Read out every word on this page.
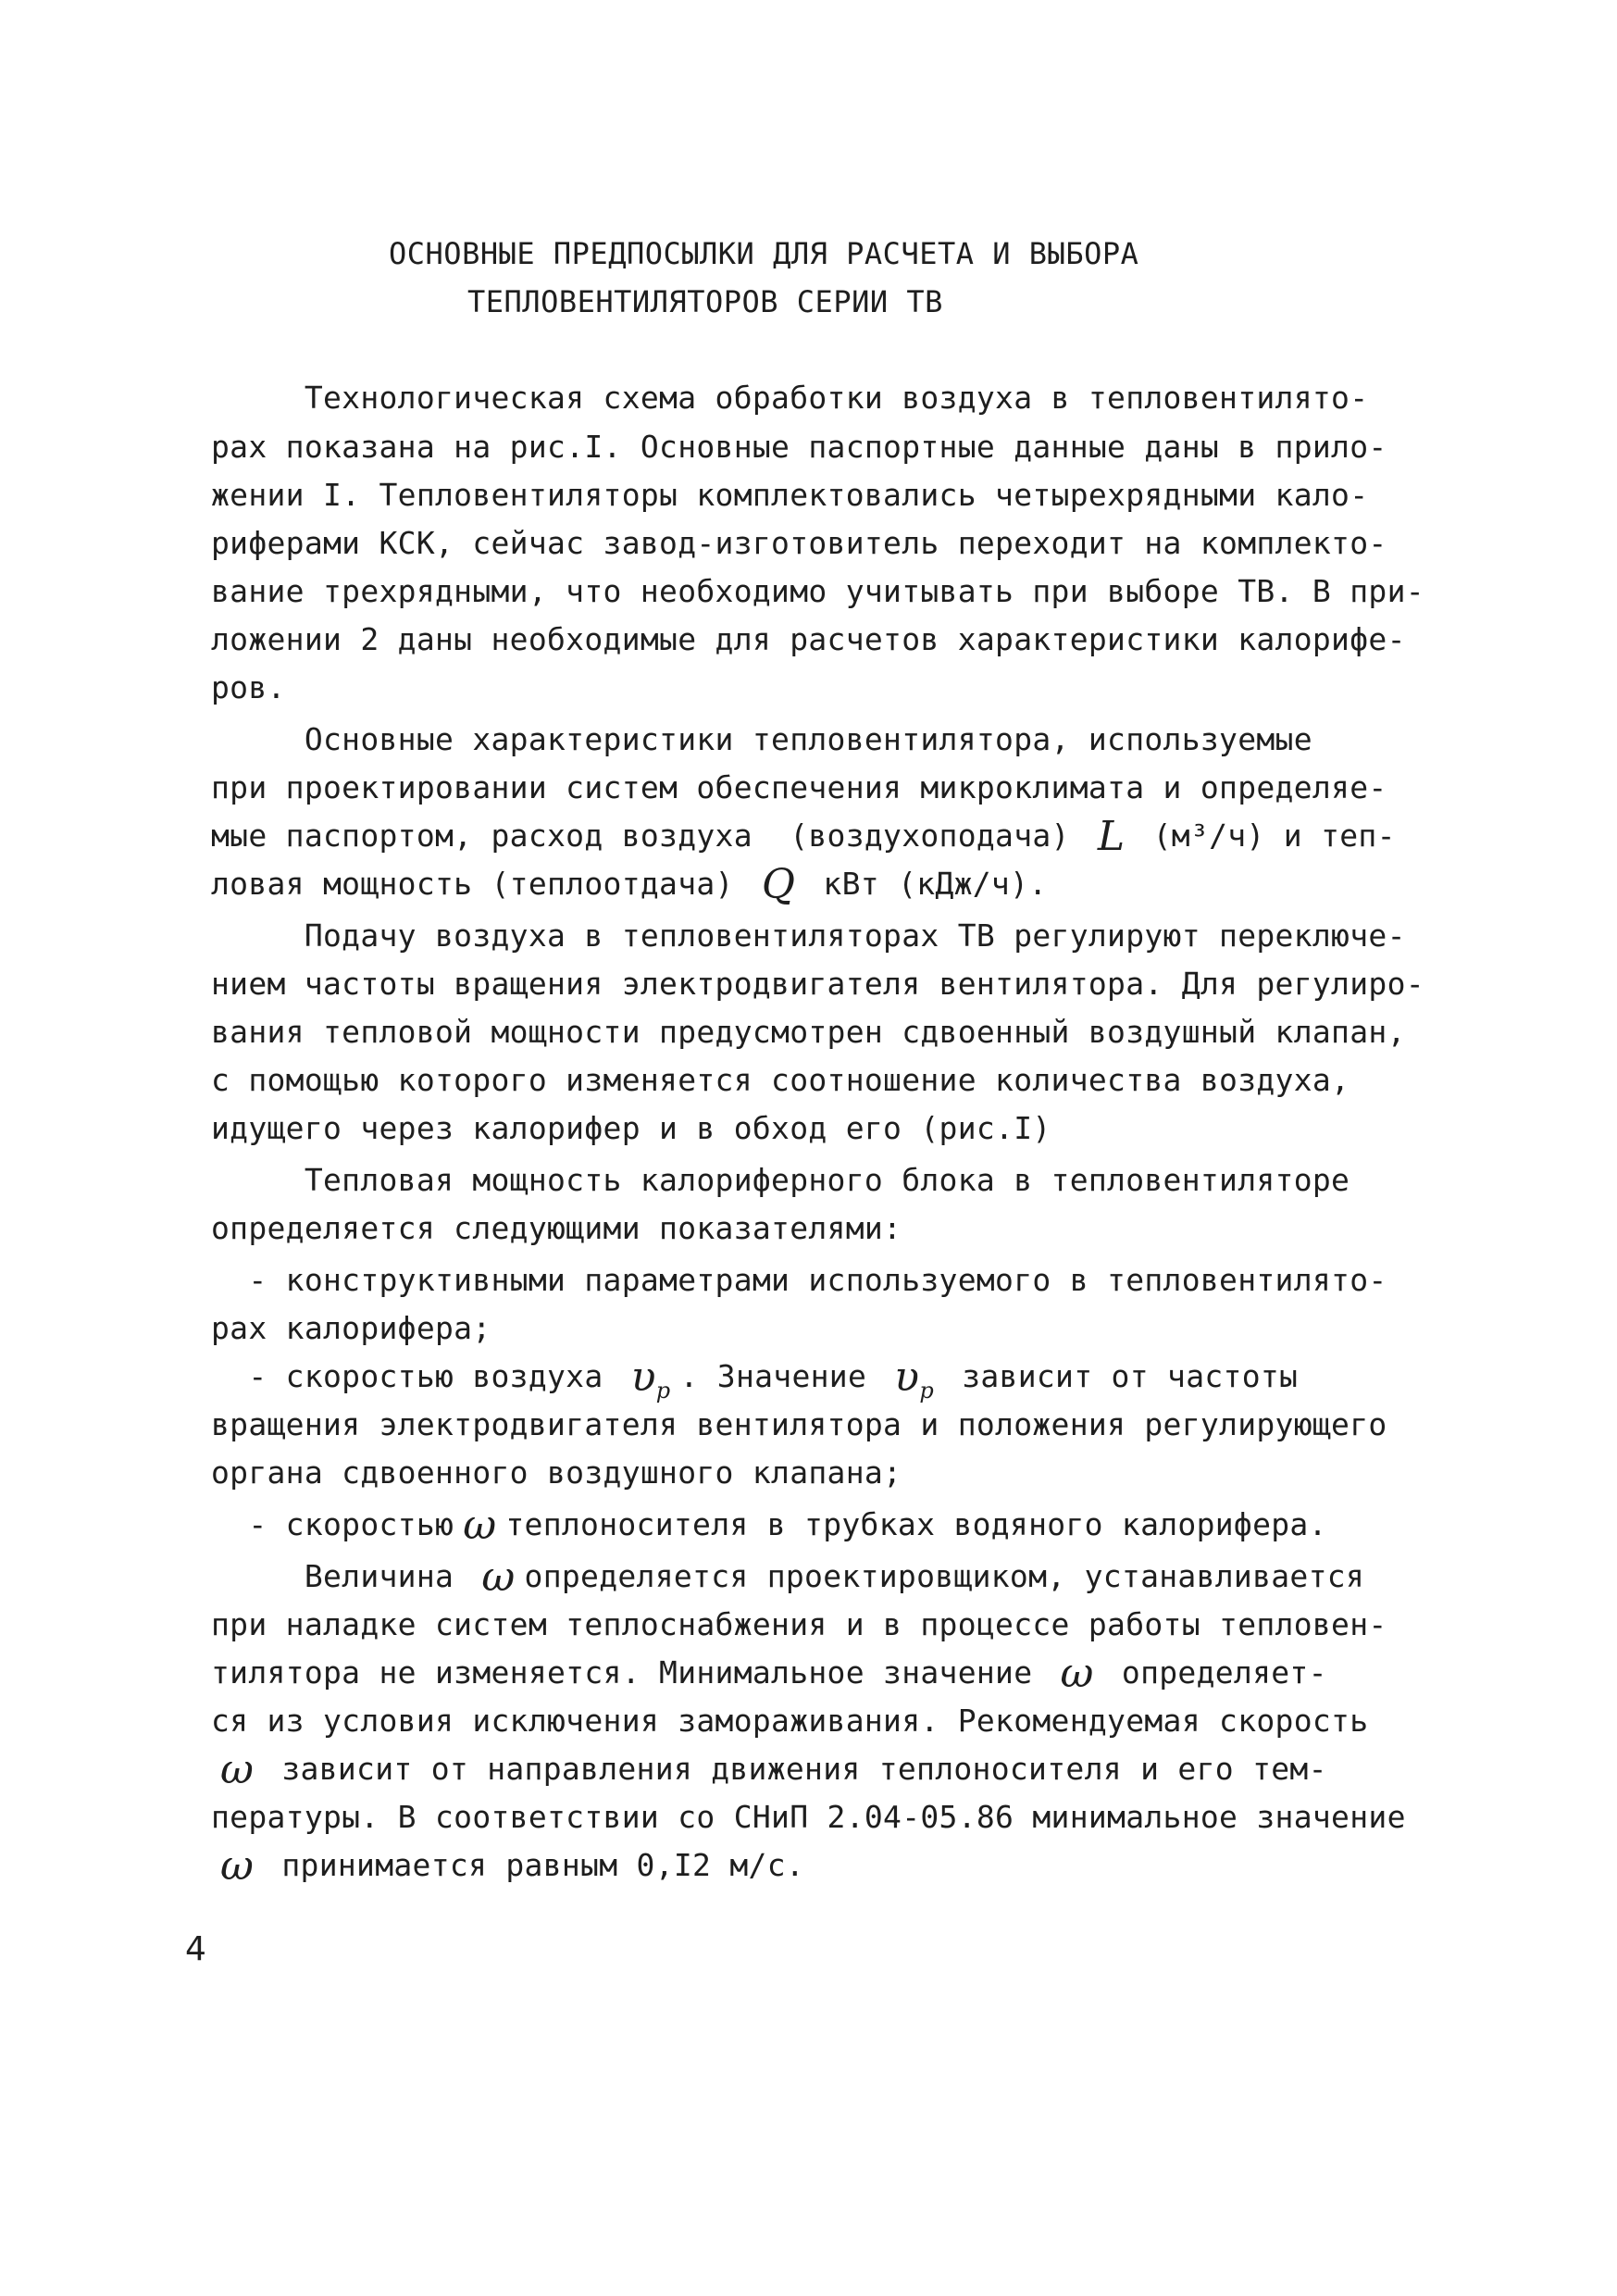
ОСНОВНЫЕ ПРЕДПОСЫЛКИ ДЛЯ РАСЧЕТА И ВЫБОРА
ТЕПЛОВЕНТИЛЯТОРОВ СЕРИИ ТВ
Технологическая схема обработки воздуха в тепловентилято-
рах показана на рис.I. Основные паспортные данные даны в прило-
жении I. Тепловентиляторы комплектовались четырехрядными кало-
риферами КСК, сейчас завод-изготовитель переходит на комплекто-
вание трехрядными, что необходимо учитывать при выборе ТВ. В при-
ложении 2 даны необходимые для расчетов характеристики калорифе-
ров.
Основные характеристики тепловентилятора, используемые
при проектировании систем обеспечения микроклимата и определяе-
мые паспортом, расход воздуха  (воздухоподача) L (м³/ч) и теп-
ловая мощность (теплоотдача) Q кВт (кДж/ч).
Подачу воздуха в тепловентиляторах ТВ регулируют переключе-
нием частоты вращения электродвигателя вентилятора. Для регулиро-
вания тепловой мощности предусмотрен сдвоенный воздушный клапан,
с помощью которого изменяется соотношение количества воздуха,
идущего через калорифер и в обход его (рис.I)
Тепловая мощность калориферного блока в тепловентиляторе
определяется следующими показателями:
- конструктивными параметрами используемого в тепловентилято-
рах калорифера;
- скоростью воздуха $\upsilon_р$ . Значение $\upsilon_р$ зависит от частоты
вращения электродвигателя вентилятора и положения регулирующего
органа сдвоенного воздушного клапана;
- скоростью ω теплоносителя в трубках водяного калорифера.
Величина ω определяется проектировщиком, устанавливается
при наладке систем теплоснабжения и в процессе работы тепловен-
тилятора не изменяется. Минимальное значение ω определяет-
ся из условия исключения замораживания. Рекомендуемая скорость
ω зависит от направления движения теплоносителя и его тем-
пературы. В соответствии со СНиП 2.04-05.86 минимальное значение
ω принимается равным 0,I2 м/с.
4
